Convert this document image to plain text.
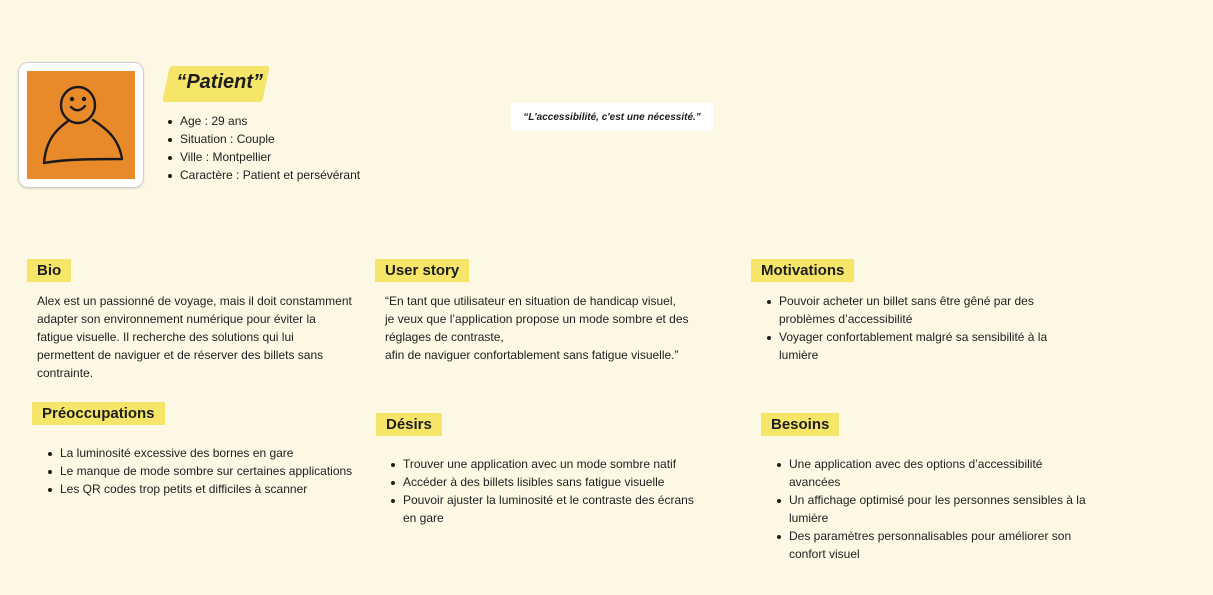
“Patient”
Age : 29 ans
Situation : Couple
Ville : Montpellier
Caractère : Patient et persévérant
“L'accessibilité, c'est une nécessité.”
Bio
Alex est un passionné de voyage, mais il doit constamment
adapter son environnement numérique pour éviter la
fatigue visuelle. Il recherche des solutions qui lui
permettent de naviguer et de réserver des billets sans
contrainte.
User story
“En tant que utilisateur en situation de handicap visuel,
je veux que l’application propose un mode sombre et des
réglages de contraste,
afin de naviguer confortablement sans fatigue visuelle.”
Motivations
Pouvoir acheter un billet sans être gêné par des
problèmes d’accessibilité
Voyager confortablement malgré sa sensibilité à la
lumière
Préoccupations
La luminosité excessive des bornes en gare
Le manque de mode sombre sur certaines applications
Les QR codes trop petits et difficiles à scanner
Désirs
Trouver une application avec un mode sombre natif
Accéder à des billets lisibles sans fatigue visuelle
Pouvoir ajuster la luminosité et le contraste des écrans
en gare
Besoins
Une application avec des options d’accessibilité
avancées
Un affichage optimisé pour les personnes sensibles à la
lumière
Des paramètres personnalisables pour améliorer son
confort visuel
